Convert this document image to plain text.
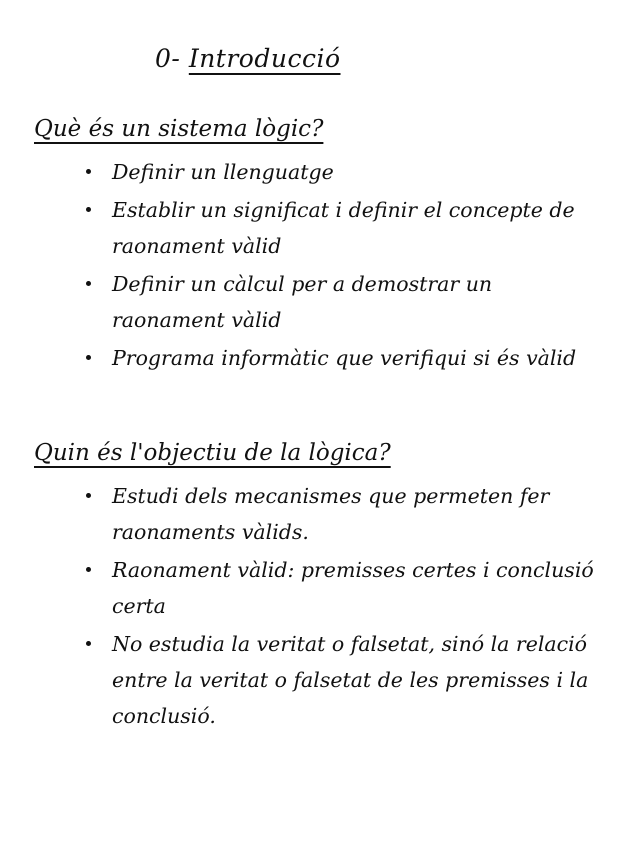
0- Introducció
Què és un sistema lògic?
Definir un llenguatge
Establir un significat i definir el concepte de raonament vàlid
Definir un càlcul per a demostrar un raonament vàlid
Programa informàtic que verifiqui si és vàlid
Quin és l'objectiu de la lògica?
Estudi dels mecanismes que permeten fer raonaments vàlids.
Raonament vàlid: premisses certes i conclusió certa
No estudia la veritat o falsetat, sinó la relació entre la veritat o falsetat de les premisses i la conclusió.
